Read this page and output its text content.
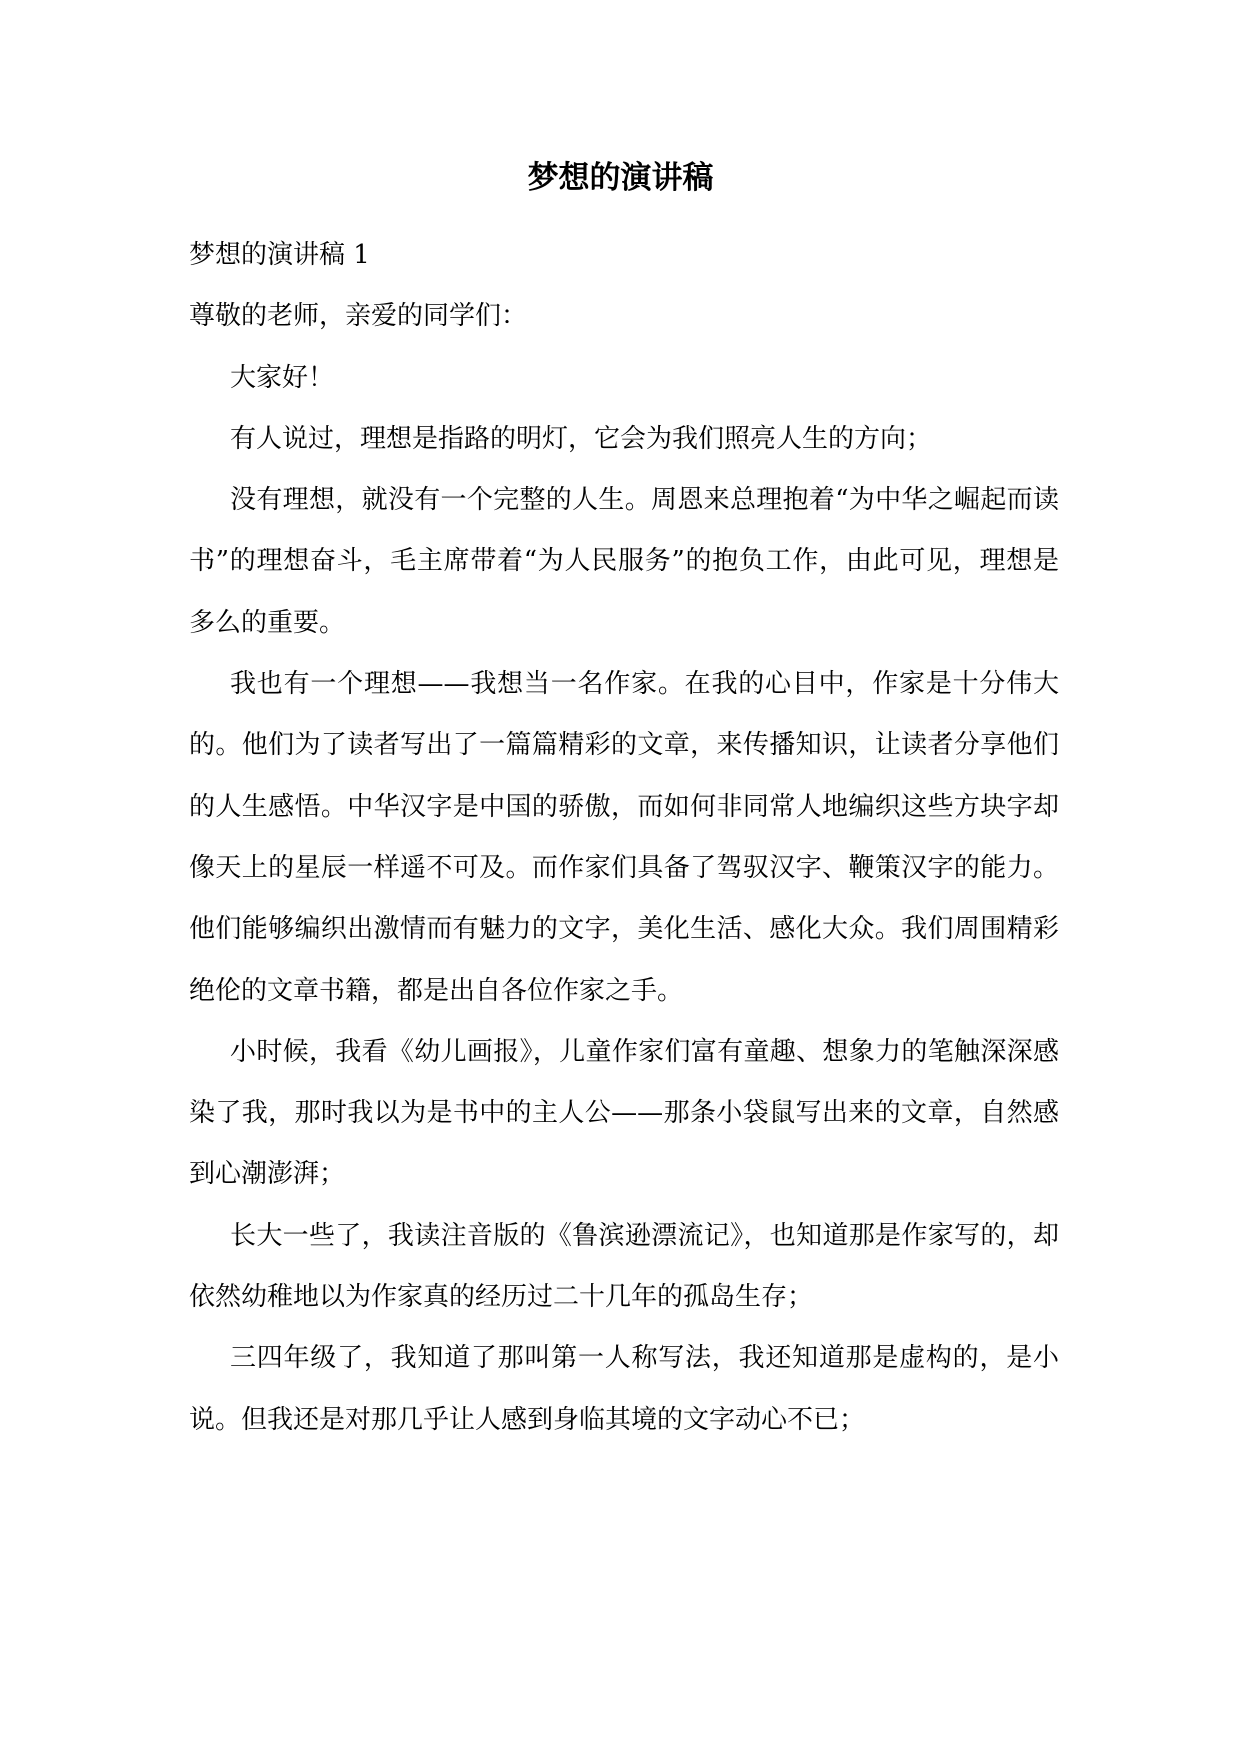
梦想的演讲稿

梦想的演讲稿 1

尊敬的老师，亲爱的同学们：

大家好！

有人说过，理想是指路的明灯，它会为我们照亮人生的方向；

没有理想，就没有一个完整的人生。周恩来总理抱着“为中华之崛起而读书”的理想奋斗，毛主席带着“为人民服务”的抱负工作，由此可见，理想是多么的重要。

我也有一个理想——我想当一名作家。在我的心目中，作家是十分伟大的。他们为了读者写出了一篇篇精彩的文章，来传播知识，让读者分享他们的人生感悟。中华汉字是中国的骄傲，而如何非同常人地编织这些方块字却像天上的星辰一样遥不可及。而作家们具备了驾驭汉字、鞭策汉字的能力。他们能够编织出激情而有魅力的文字，美化生活、感化大众。我们周围精彩绝伦的文章书籍，都是出自各位作家之手。

小时候，我看《幼儿画报》，儿童作家们富有童趣、想象力的笔触深深感染了我，那时我以为是书中的主人公——那条小袋鼠写出来的文章，自然感到心潮澎湃；

长大一些了，我读注音版的《鲁滨逊漂流记》，也知道那是作家写的，却依然幼稚地以为作家真的经历过二十几年的孤岛生存；

三四年级了，我知道了那叫第一人称写法，我还知道那是虚构的，是小说。但我还是对那几乎让人感到身临其境的文字动心不已；
